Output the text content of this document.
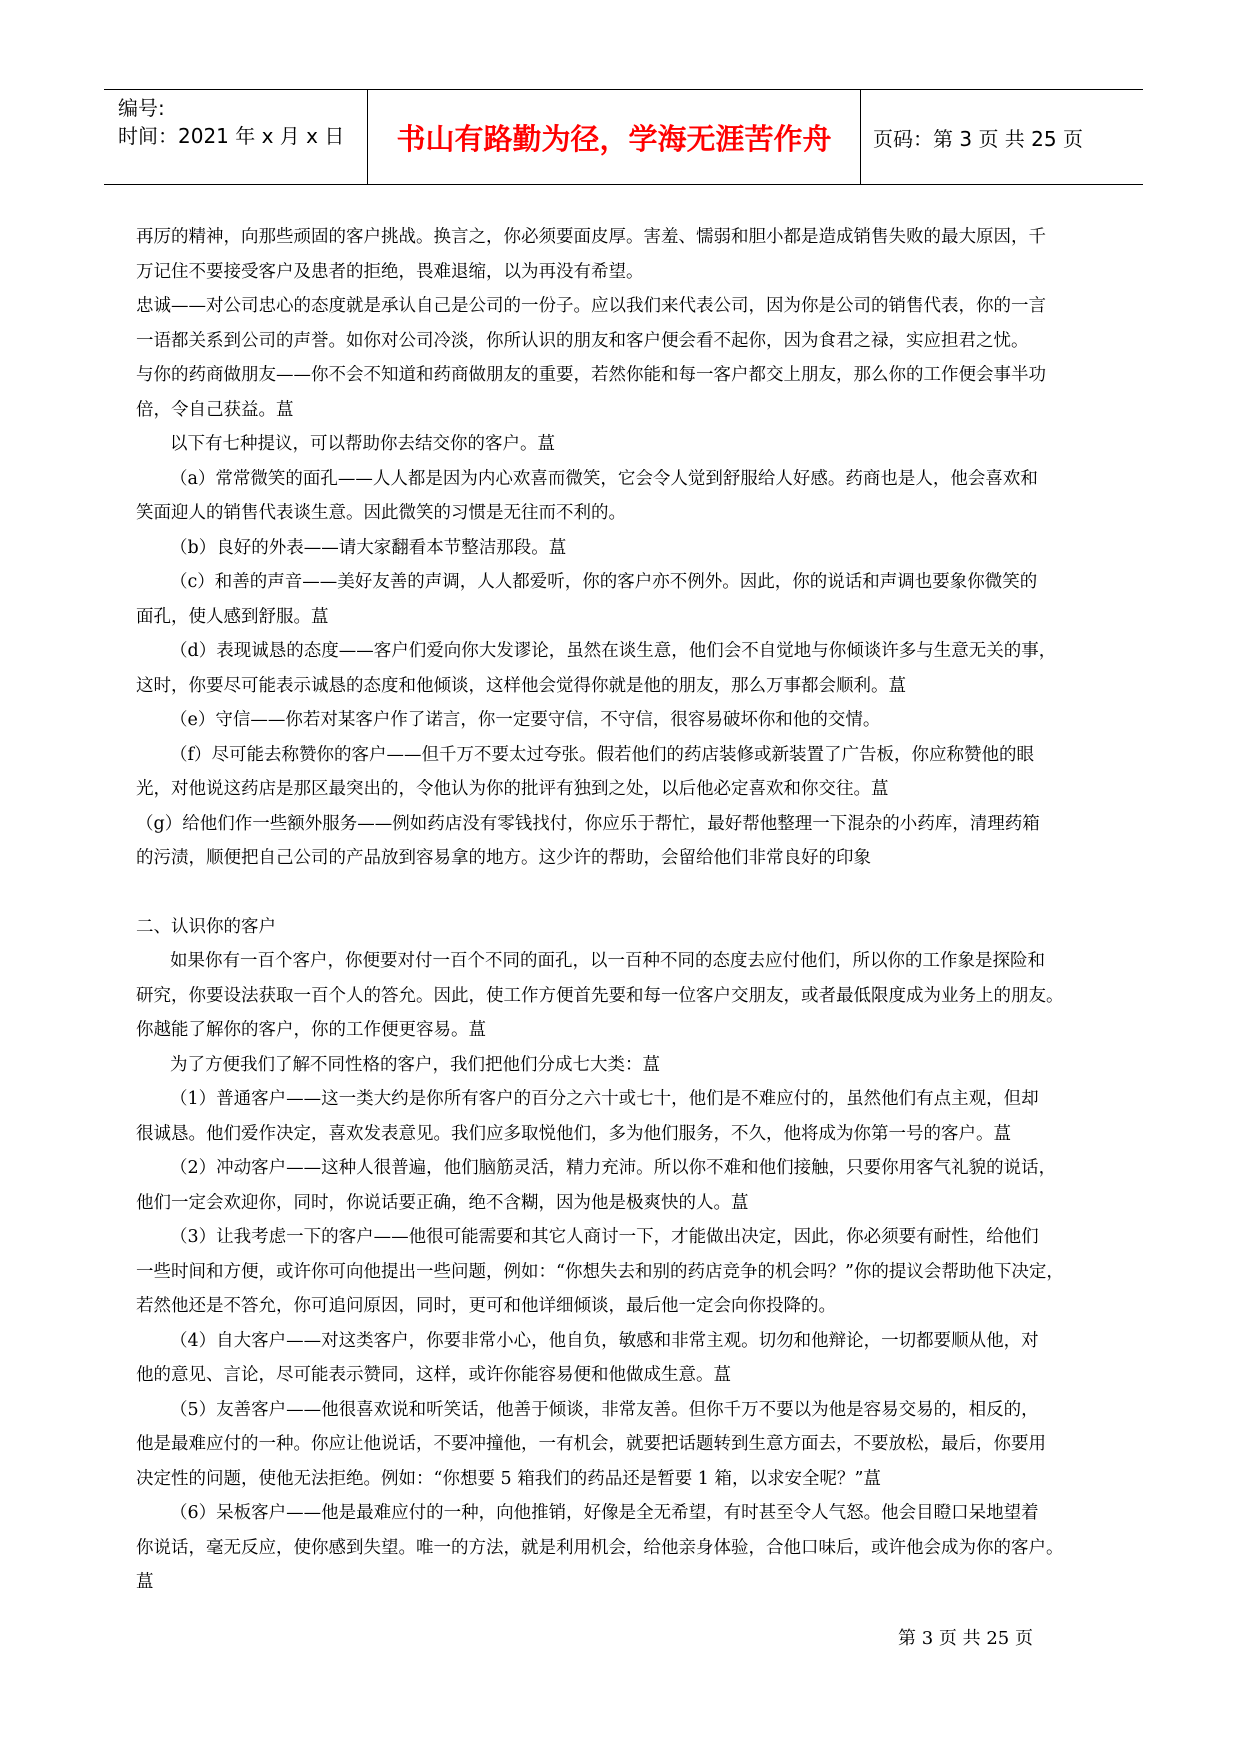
编号:
时间：2021 年 x 月 x 日	书山有路勤为径，学海无涯苦作舟	页码：第 3 页 共 25 页

再厉的精神，向那些顽固的客户挑战。换言之，你必须要面皮厚。害羞、懦弱和胆小都是造成销售失败的最大原因，千

万记住不要接受客户及患者的拒绝，畏难退缩，以为再没有希望。

忠诚——对公司忠心的态度就是承认自己是公司的一份子。应以我们来代表公司，因为你是公司的销售代表，你的一言

一语都关系到公司的声誉。如你对公司冷淡，你所认识的朋友和客户便会看不起你，因为食君之禄，实应担君之忧。

与你的药商做朋友——你不会不知道和药商做朋友的重要，若然你能和每一客户都交上朋友，那么你的工作便会事半功

倍，令自己获益。蒀

以下有七种提议，可以帮助你去结交你的客户。蒀

（a）常常微笑的面孔——人人都是因为内心欢喜而微笑，它会令人觉到舒服给人好感。药商也是人，他会喜欢和

笑面迎人的销售代表谈生意。因此微笑的习惯是无往而不利的。

（b）良好的外表——请大家翻看本节整洁那段。蒀

（c）和善的声音——美好友善的声调，人人都爱听，你的客户亦不例外。因此，你的说话和声调也要象你微笑的

面孔，使人感到舒服。蒀

（d）表现诚恳的态度——客户们爱向你大发谬论，虽然在谈生意，他们会不自觉地与你倾谈许多与生意无关的事，

这时，你要尽可能表示诚恳的态度和他倾谈，这样他会觉得你就是他的朋友，那么万事都会顺利。蒀

（e）守信——你若对某客户作了诺言，你一定要守信，不守信，很容易破坏你和他的交情。

（f）尽可能去称赞你的客户——但千万不要太过夸张。假若他们的药店装修或新装置了广告板，你应称赞他的眼

光，对他说这药店是那区最突出的，令他认为你的批评有独到之处，以后他必定喜欢和你交往。蒀

（g）给他们作一些额外服务——例如药店没有零钱找付，你应乐于帮忙，最好帮他整理一下混杂的小药库，清理药箱

的污渍，顺便把自己公司的产品放到容易拿的地方。这少许的帮助，会留给他们非常良好的印象

二、认识你的客户

如果你有一百个客户，你便要对付一百个不同的面孔，以一百种不同的态度去应付他们，所以你的工作象是探险和

研究，你要设法获取一百个人的答允。因此，使工作方便首先要和每一位客户交朋友，或者最低限度成为业务上的朋友。

你越能了解你的客户，你的工作便更容易。蒀

为了方便我们了解不同性格的客户，我们把他们分成七大类：蒀

（1）普通客户——这一类大约是你所有客户的百分之六十或七十，他们是不难应付的，虽然他们有点主观，但却

很诚恳。他们爱作决定，喜欢发表意见。我们应多取悦他们，多为他们服务，不久，他将成为你第一号的客户。蒀

（2）冲动客户——这种人很普遍，他们脑筋灵活，精力充沛。所以你不难和他们接触，只要你用客气礼貌的说话，

他们一定会欢迎你，同时，你说话要正确，绝不含糊，因为他是极爽快的人。蒀

（3）让我考虑一下的客户——他很可能需要和其它人商讨一下，才能做出决定，因此，你必须要有耐性，给他们

一些时间和方便，或许你可向他提出一些问题，例如：“你想失去和别的药店竞争的机会吗？”你的提议会帮助他下决定，

若然他还是不答允，你可追问原因，同时，更可和他详细倾谈，最后他一定会向你投降的。

（4）自大客户——对这类客户，你要非常小心，他自负，敏感和非常主观。切勿和他辩论，一切都要顺从他，对

他的意见、言论，尽可能表示赞同，这样，或许你能容易便和他做成生意。蒀

（5）友善客户——他很喜欢说和听笑话，他善于倾谈，非常友善。但你千万不要以为他是容易交易的，相反的，

他是最难应付的一种。你应让他说话，不要冲撞他，一有机会，就要把话题转到生意方面去，不要放松，最后，你要用

决定性的问题，使他无法拒绝。例如：“你想要 5 箱我们的药品还是暂要 1 箱，以求安全呢？”蒀

（6）呆板客户——他是最难应付的一种，向他推销，好像是全无希望，有时甚至令人气怒。他会目瞪口呆地望着

你说话，毫无反应，使你感到失望。唯一的方法，就是利用机会，给他亲身体验，合他口味后，或许他会成为你的客户。

蒀

第 3 页 共 25 页
